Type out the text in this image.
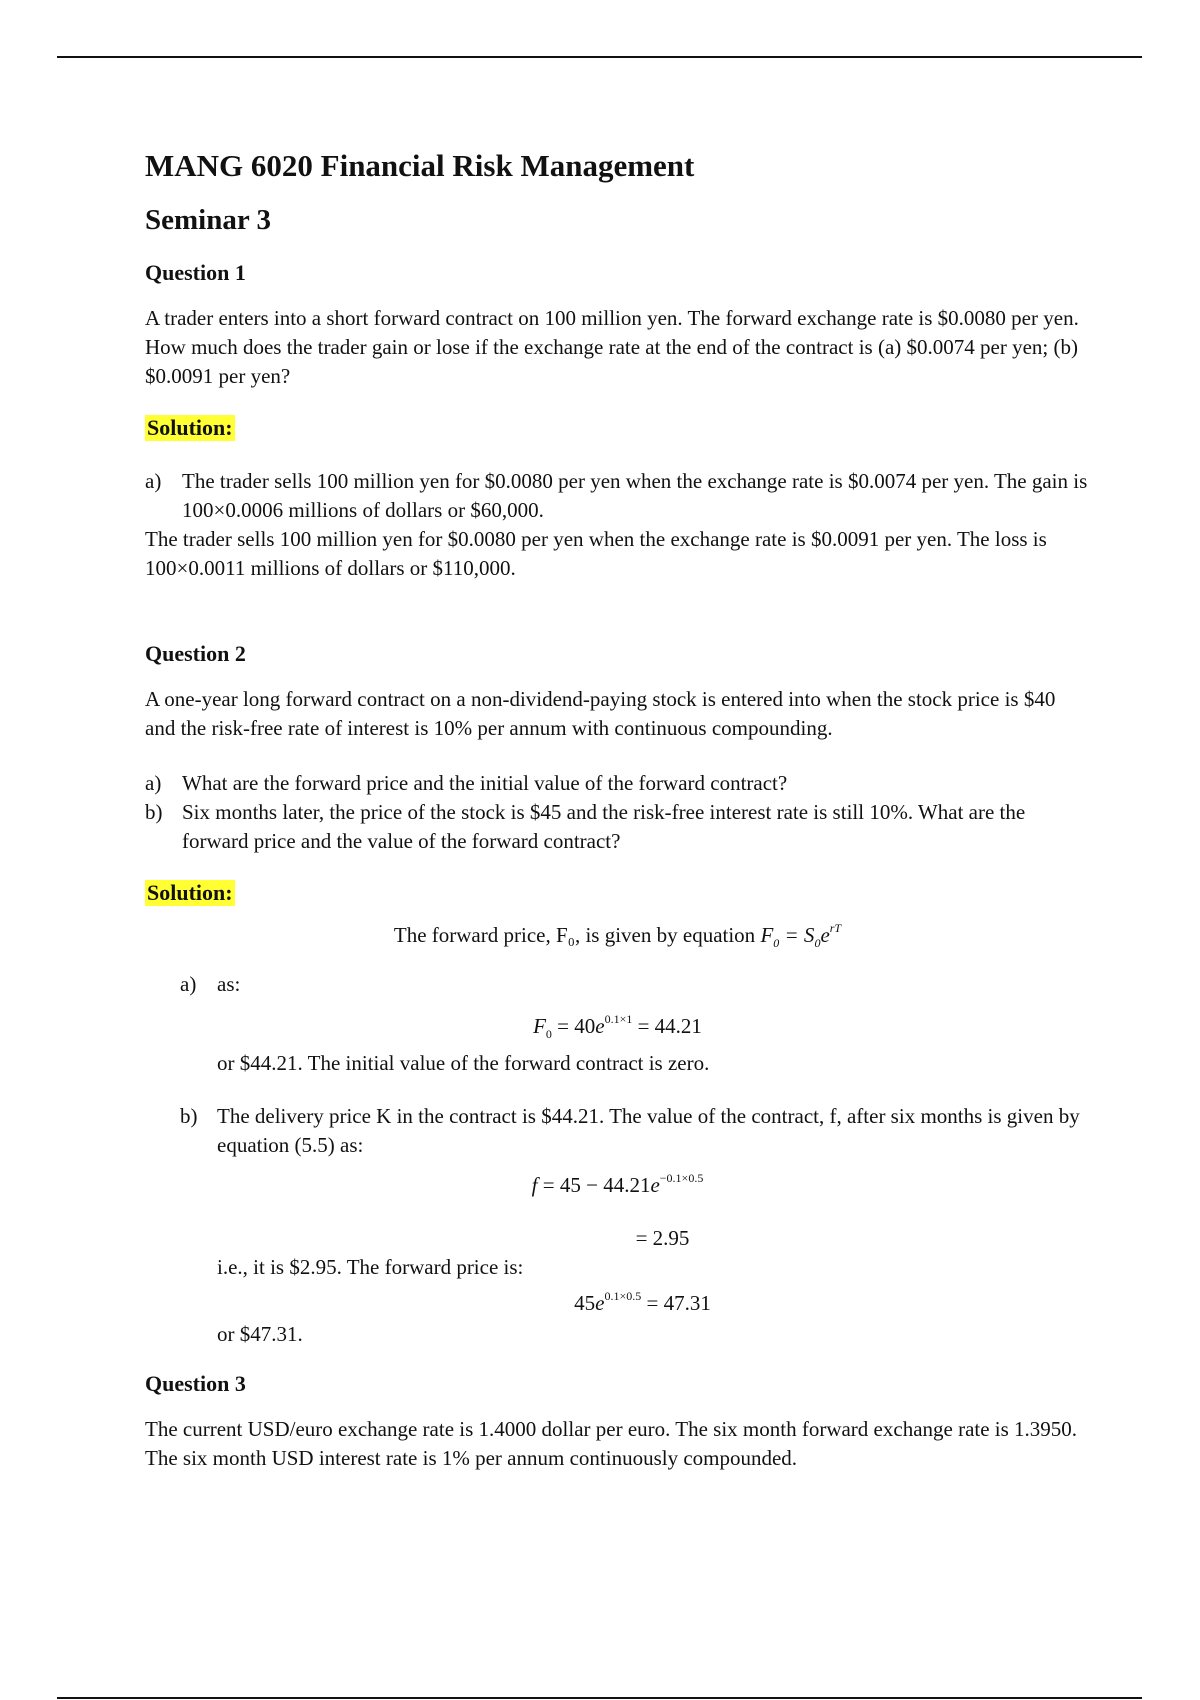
MANG 6020 Financial Risk Management
Seminar 3
Question 1
A trader enters into a short forward contract on 100 million yen. The forward exchange rate is $0.0080 per yen. How much does the trader gain or lose if the exchange rate at the end of the contract is (a) $0.0074 per yen; (b) $0.0091 per yen?
Solution:
a) The trader sells 100 million yen for $0.0080 per yen when the exchange rate is $0.0074 per yen. The gain is 100×0.0006 millions of dollars or $60,000.
The trader sells 100 million yen for $0.0080 per yen when the exchange rate is $0.0091 per yen. The loss is 100×0.0011 millions of dollars or $110,000.
Question 2
A one-year long forward contract on a non-dividend-paying stock is entered into when the stock price is $40 and the risk-free rate of interest is 10% per annum with continuous compounding.
a) What are the forward price and the initial value of the forward contract?
b) Six months later, the price of the stock is $45 and the risk-free interest rate is still 10%. What are the forward price and the value of the forward contract?
Solution:
The forward price, F₀, is given by equation $F_0 = S_0e^{rT}$
a) as:
$F_0 = 40e^{0.1\times 1} = 44.21$
or $44.21. The initial value of the forward contract is zero.
b) The delivery price K in the contract is $44.21. The value of the contract, f, after six months is given by equation (5.5) as:
$f = 45 - 44.21e^{-0.1\times 0.5}$
= 2.95
i.e., it is $2.95. The forward price is:
$45e^{0.1\times 0.5} = 47.31$
or $47.31.
Question 3
The current USD/euro exchange rate is 1.4000 dollar per euro. The six month forward exchange rate is 1.3950. The six month USD interest rate is 1% per annum continuously compounded.
